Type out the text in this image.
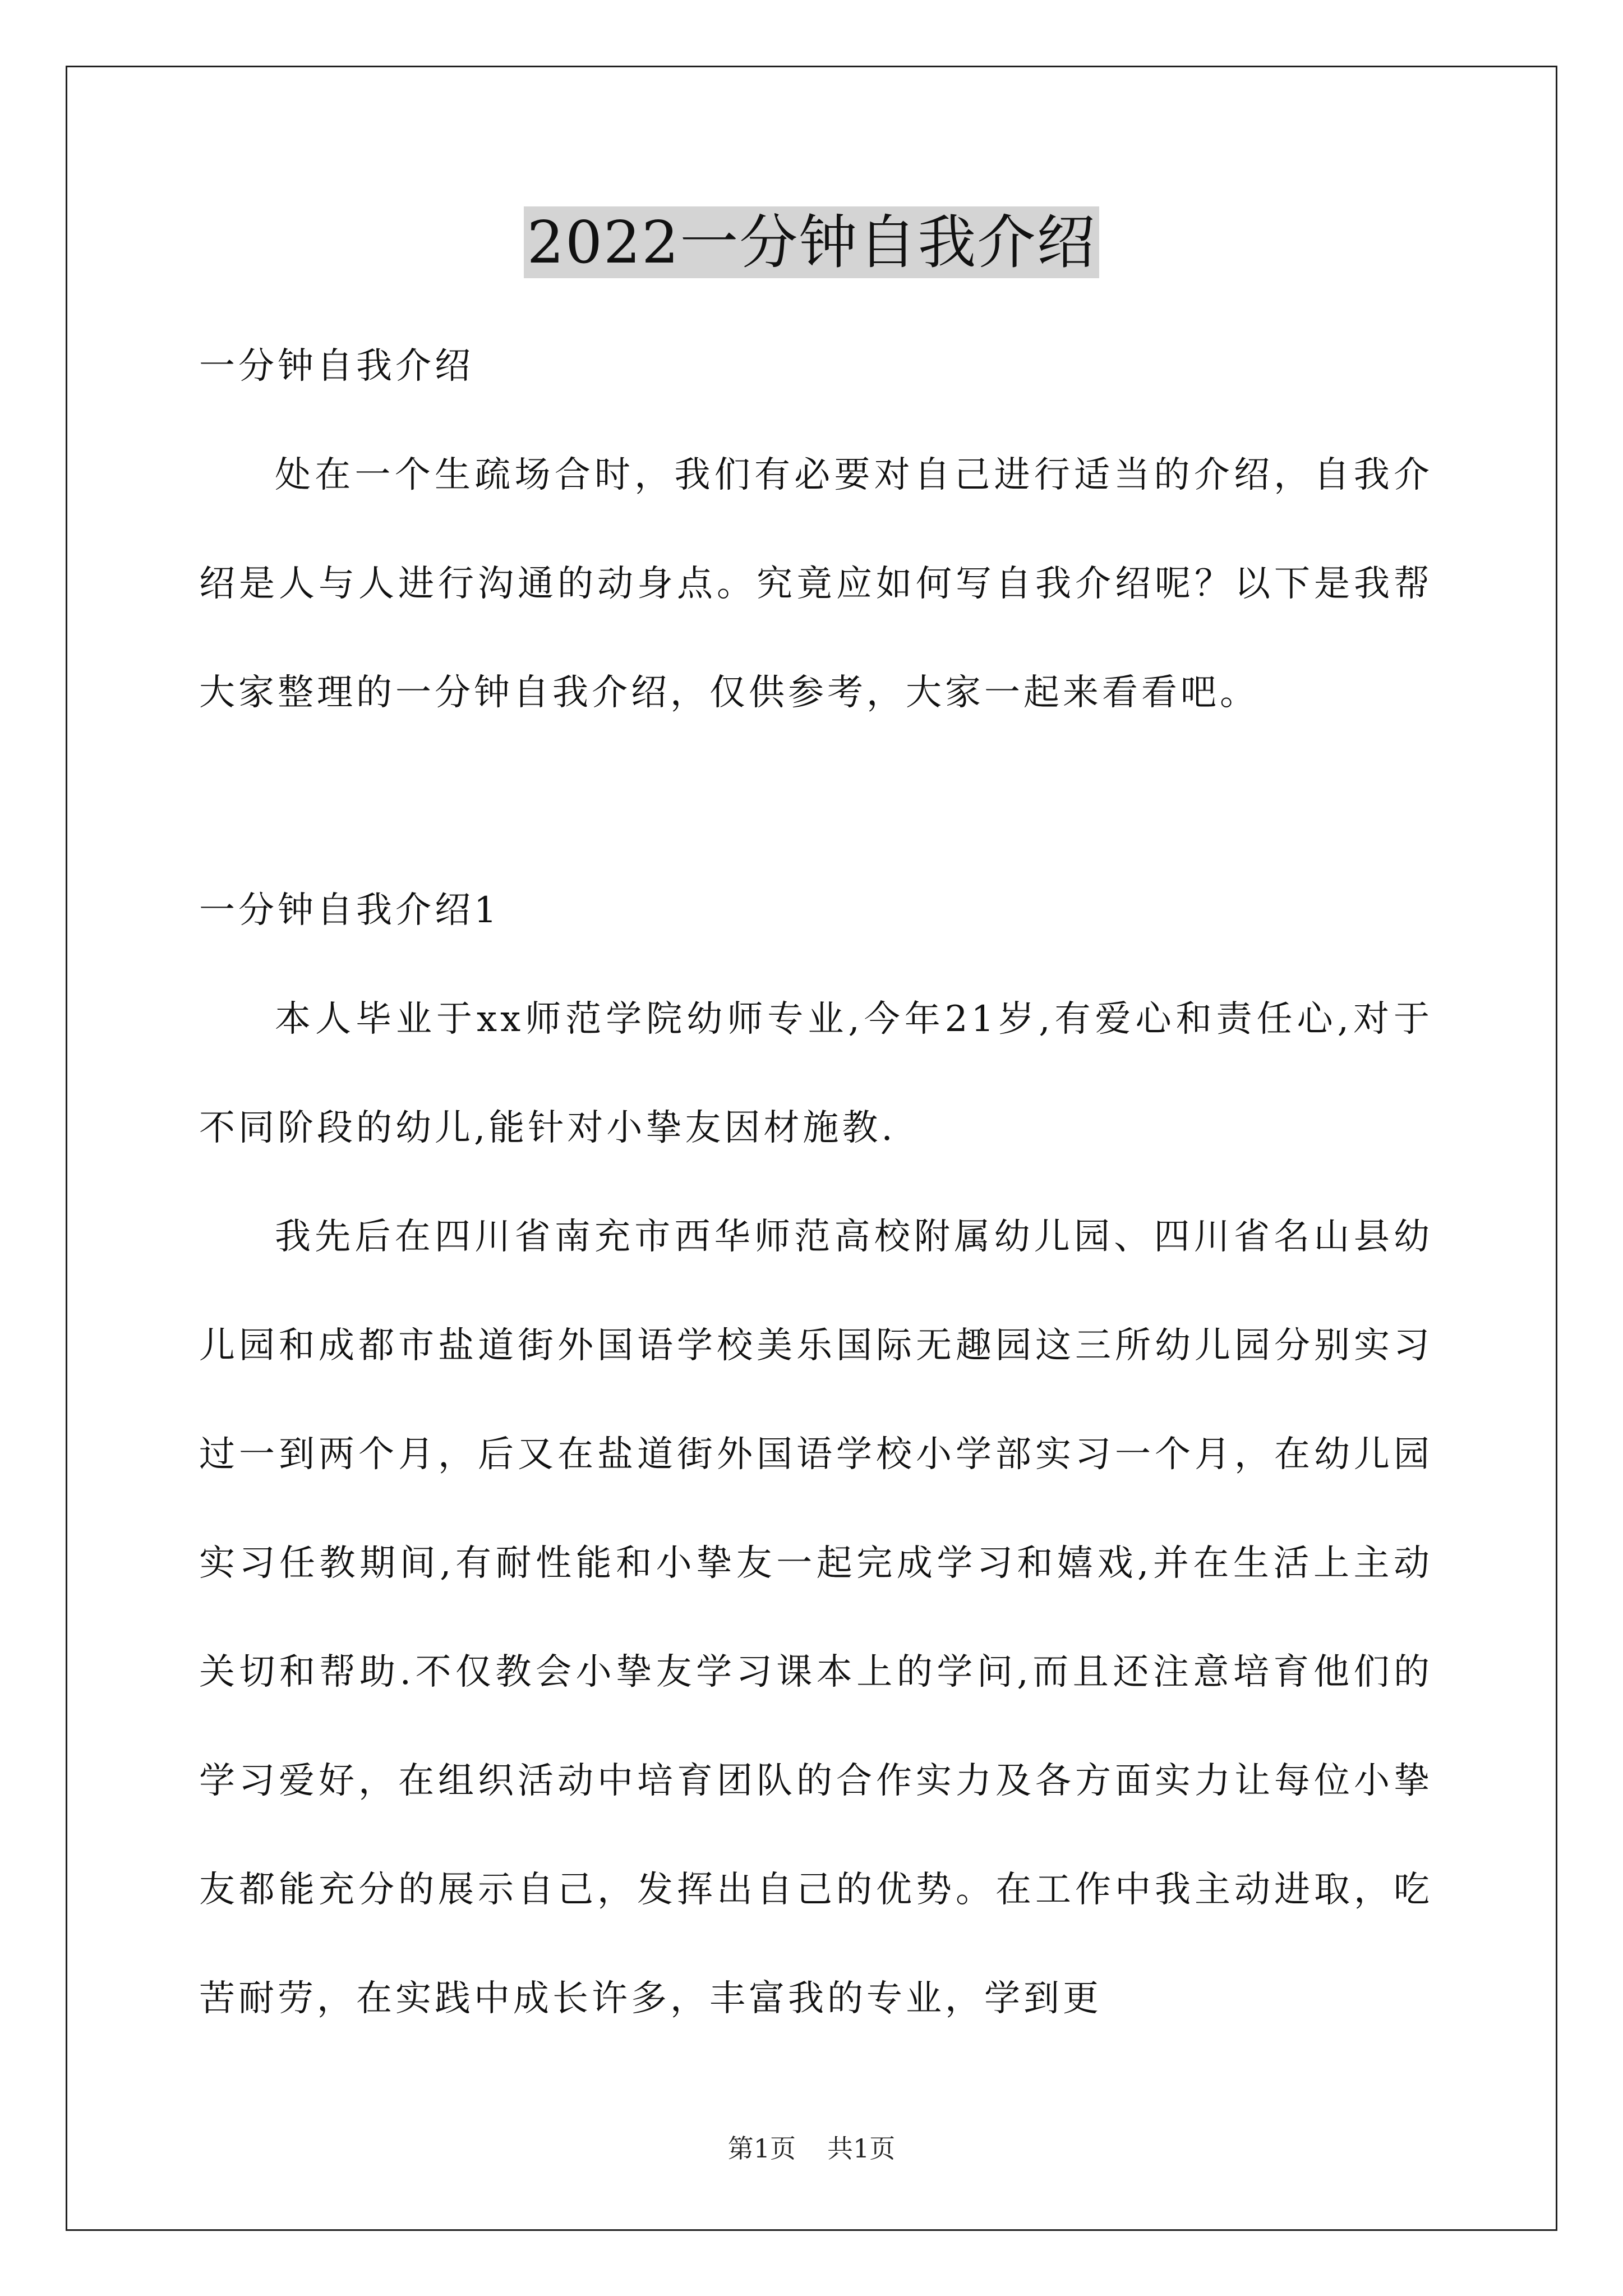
2022一分钟自我介绍

一分钟自我介绍

处在一个生疏场合时，我们有必要对自己进行适当的介绍，自我介绍是人与人进行沟通的动身点。究竟应如何写自我介绍呢？以下是我帮大家整理的一分钟自我介绍，仅供参考，大家一起来看看吧。

一分钟自我介绍1

本人毕业于xx师范学院幼师专业,今年21岁,有爱心和责任心,对于不同阶段的幼儿,能针对小挚友因材施教.

我先后在四川省南充市西华师范高校附属幼儿园、四川省名山县幼儿园和成都市盐道街外国语学校美乐国际无趣园这三所幼儿园分别实习过一到两个月，后又在盐道街外国语学校小学部实习一个月，在幼儿园实习任教期间,有耐性能和小挚友一起完成学习和嬉戏,并在生活上主动关切和帮助.不仅教会小挚友学习课本上的学问,而且还注意培育他们的学习爱好，在组织活动中培育团队的合作实力及各方面实力让每位小挚友都能充分的展示自己，发挥出自己的优势。在工作中我主动进取，吃苦耐劳，在实践中成长许多，丰富我的专业，学到更

第1页 共1页
